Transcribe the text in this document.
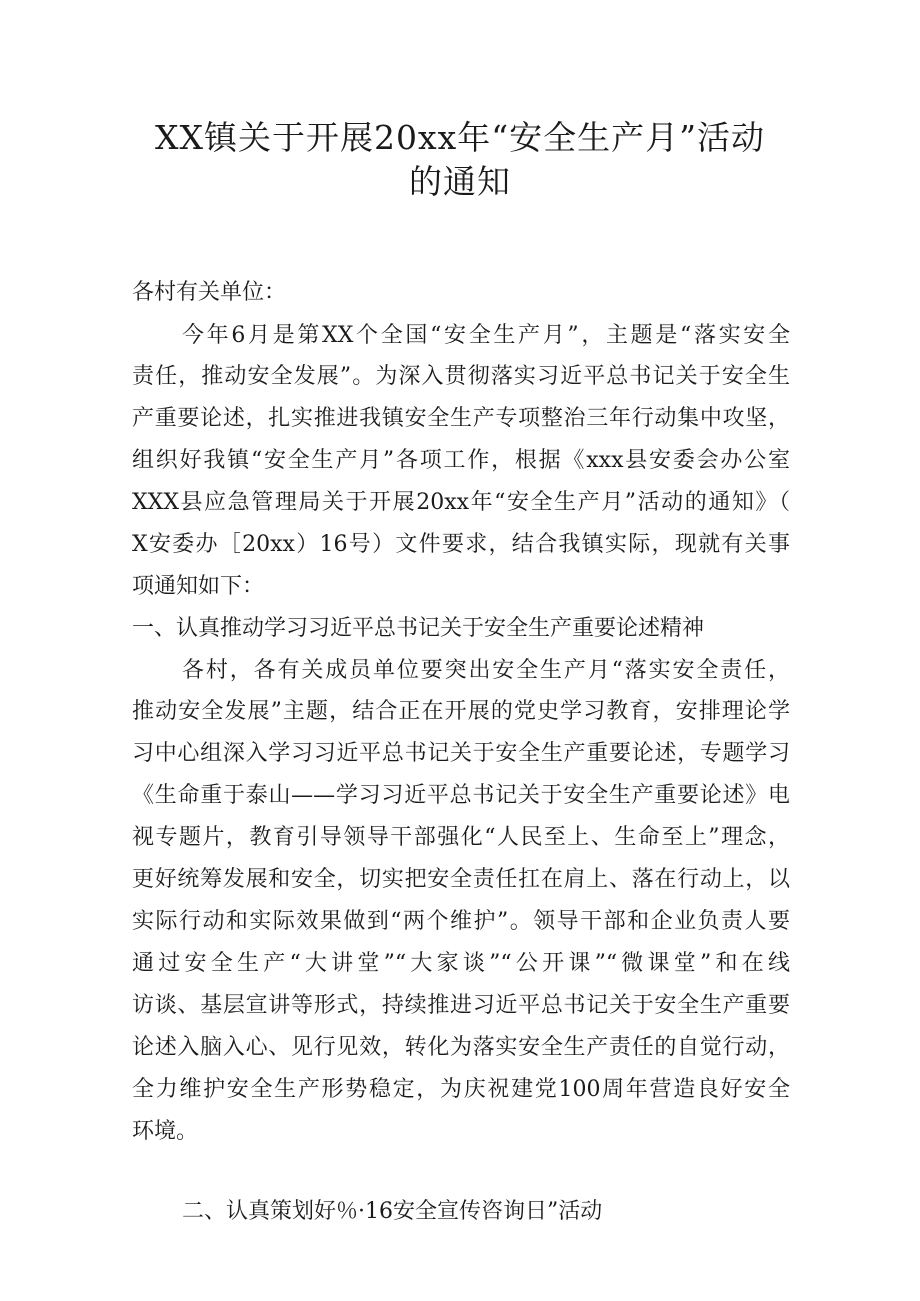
XX镇关于开展20xx年“安全生产月”活动
的通知
各村有关单位：
今年6月是第XX个全国“安全生产月”，主题是“落实安全
责任，推动安全发展”。为深入贯彻落实习近平总书记关于安全生
产重要论述，扎实推进我镇安全生产专项整治三年行动集中攻坚，
组织好我镇“安全生产月”各项工作，根据《xxx县安委会办公室
XXX县应急管理局关于开展20xx年“安全生产月”活动的通知》（
X安委办［20xx）16号）文件要求，结合我镇实际，现就有关事
项通知如下：
一、认真推动学习习近平总书记关于安全生产重要论述精神
各村，各有关成员单位要突出安全生产月“落实安全责任，
推动安全发展”主题，结合正在开展的党史学习教育，安排理论学
习中心组深入学习习近平总书记关于安全生产重要论述，专题学习
《生命重于泰山——学习习近平总书记关于安全生产重要论述》电
视专题片，教育引导领导干部强化“人民至上、生命至上”理念，
更好统筹发展和安全，切实把安全责任扛在肩上、落在行动上，以
实际行动和实际效果做到“两个维护”。领导干部和企业负责人要
通过安全生产“大讲堂”“大家谈”“公开课”“微课堂”和在线
访谈、基层宣讲等形式，持续推进习近平总书记关于安全生产重要
论述入脑入心、见行见效，转化为落实安全生产责任的自觉行动，
全力维护安全生产形势稳定，为庆祝建党100周年营造良好安全
环境。
二、认真策划好％·16安全宣传咨询日”活动
